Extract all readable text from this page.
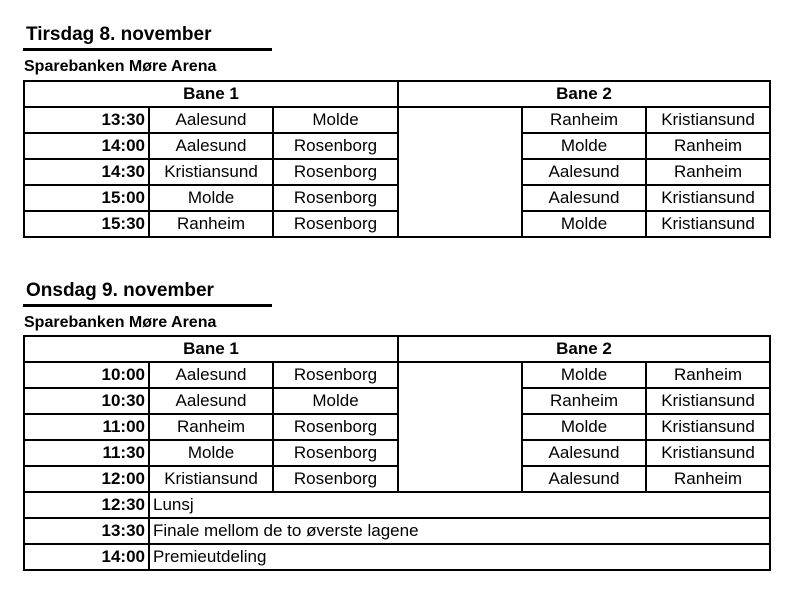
Tirsdag 8. november
Sparebanken Møre Arena
Bane 1			Bane 2		
13:30	Aalesund	Molde		Ranheim	Kristiansund
14:00	Aalesund	Rosenborg		Molde	Ranheim
14:30	Kristiansund	Rosenborg		Aalesund	Ranheim
15:00	Molde	Rosenborg		Aalesund	Kristiansund
15:30	Ranheim	Rosenborg		Molde	Kristiansund
Onsdag 9. november
Sparebanken Møre Arena
Bane 1			Bane 2		
10:00	Aalesund	Rosenborg		Molde	Ranheim
10:30	Aalesund	Molde		Ranheim	Kristiansund
11:00	Ranheim	Rosenborg		Molde	Kristiansund
11:30	Molde	Rosenborg		Aalesund	Kristiansund
12:00	Kristiansund	Rosenborg		Aalesund	Ranheim
12:30	Lunsj				
13:30	Finale mellom de to øverste lagene				
14:00	Premieutdeling				
